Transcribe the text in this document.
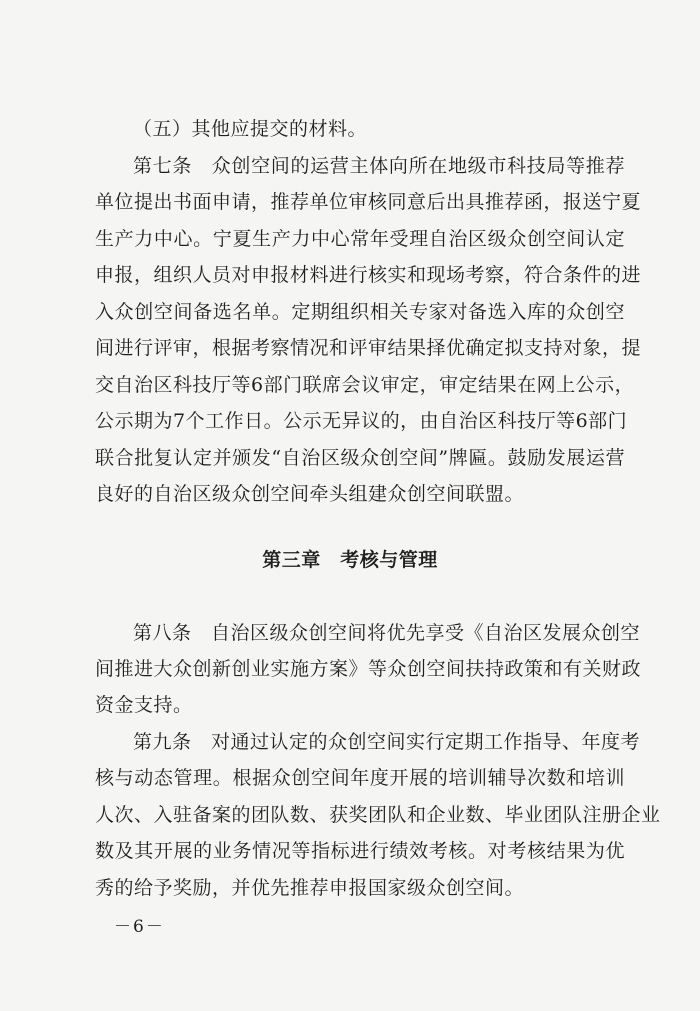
（五）其他应提交的材料。
第七条　众创空间的运营主体向所在地级市科技局等推荐
单位提出书面申请，推荐单位审核同意后出具推荐函，报送宁夏
生产力中心。宁夏生产力中心常年受理自治区级众创空间认定
申报，组织人员对申报材料进行核实和现场考察，符合条件的进
入众创空间备选名单。定期组织相关专家对备选入库的众创空
间进行评审，根据考察情况和评审结果择优确定拟支持对象，提
交自治区科技厅等6部门联席会议审定，审定结果在网上公示，
公示期为7个工作日。公示无异议的，由自治区科技厅等6部门
联合批复认定并颁发“自治区级众创空间”牌匾。鼓励发展运营
良好的自治区级众创空间牵头组建众创空间联盟。
第三章　考核与管理
第八条　自治区级众创空间将优先享受《自治区发展众创空
间推进大众创新创业实施方案》等众创空间扶持政策和有关财政
资金支持。
第九条　对通过认定的众创空间实行定期工作指导、年度考
核与动态管理。根据众创空间年度开展的培训辅导次数和培训
人次、入驻备案的团队数、获奖团队和企业数、毕业团队注册企业
数及其开展的业务情况等指标进行绩效考核。对考核结果为优
秀的给予奖励，并优先推荐申报国家级众创空间。
－6－
